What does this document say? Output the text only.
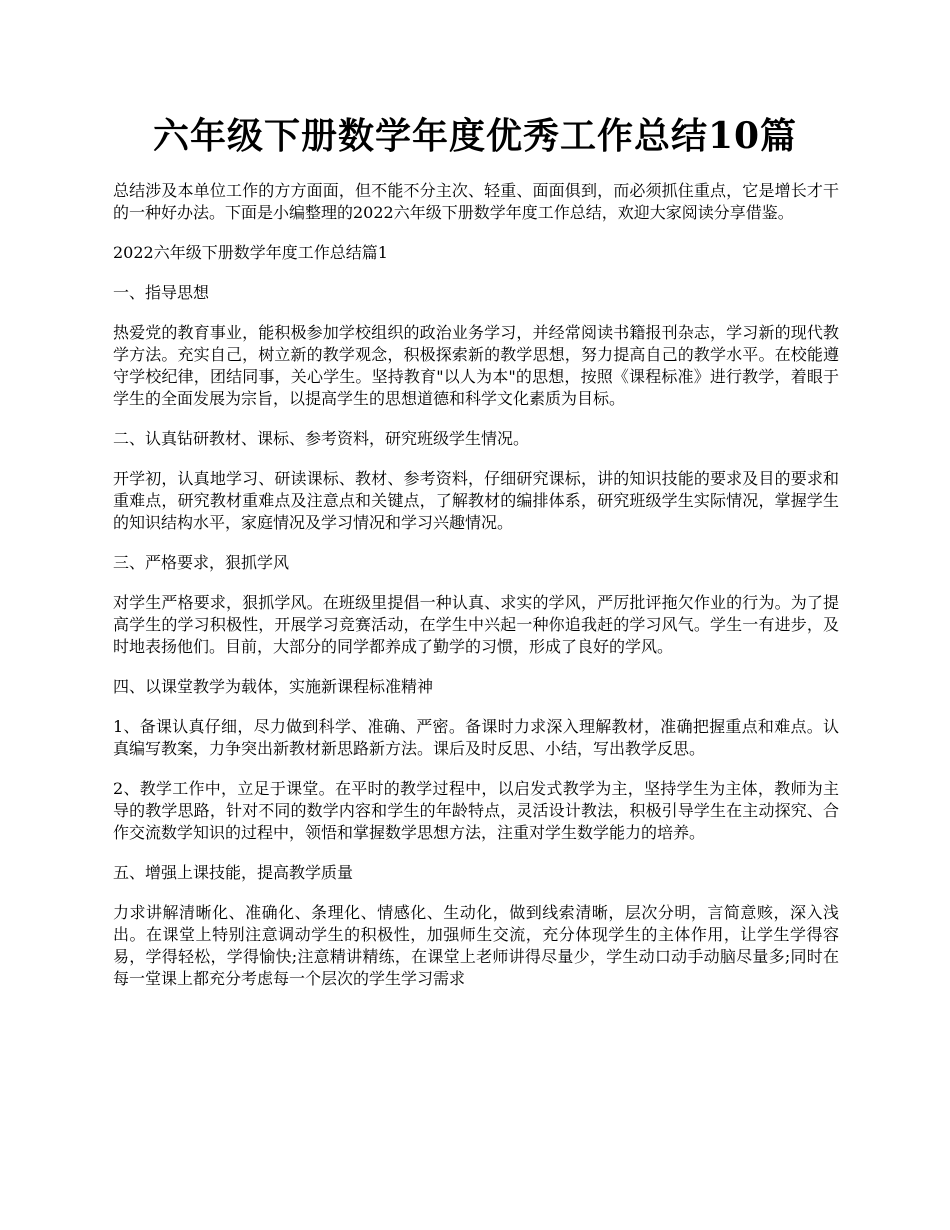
六年级下册数学年度优秀工作总结10篇

总结涉及本单位工作的方方面面，但不能不分主次、轻重、面面俱到，而必须抓住重点，它是增长才干的一种好办法。下面是小编整理的2022六年级下册数学年度工作总结，欢迎大家阅读分享借鉴。

2022六年级下册数学年度工作总结篇1

一、指导思想

热爱党的教育事业，能积极参加学校组织的政治业务学习，并经常阅读书籍报刊杂志，学习新的现代教学方法。充实自己，树立新的教学观念，积极探索新的教学思想，努力提高自己的教学水平。在校能遵守学校纪律，团结同事，关心学生。坚持教育"以人为本"的思想，按照《课程标准》进行教学，着眼于学生的全面发展为宗旨，以提高学生的思想道德和科学文化素质为目标。

二、认真钻研教材、课标、参考资料，研究班级学生情况。

开学初，认真地学习、研读课标、教材、参考资料，仔细研究课标，讲的知识技能的要求及目的要求和重难点，研究教材重难点及注意点和关键点，了解教材的编排体系，研究班级学生实际情况，掌握学生的知识结构水平，家庭情况及学习情况和学习兴趣情况。

三、严格要求，狠抓学风

对学生严格要求，狠抓学风。在班级里提倡一种认真、求实的学风，严厉批评拖欠作业的行为。为了提高学生的学习积极性，开展学习竞赛活动，在学生中兴起一种你追我赶的学习风气。学生一有进步，及时地表扬他们。目前，大部分的同学都养成了勤学的习惯，形成了良好的学风。

四、以课堂教学为载体，实施新课程标准精神

1、备课认真仔细，尽力做到科学、准确、严密。备课时力求深入理解教材，准确把握重点和难点。认真编写教案，力争突出新教材新思路新方法。课后及时反思、小结，写出教学反思。

2、教学工作中，立足于课堂。在平时的教学过程中，以启发式教学为主，坚持学生为主体，教师为主导的教学思路，针对不同的数学内容和学生的年龄特点，灵活设计教法，积极引导学生在主动探究、合作交流数学知识的过程中，领悟和掌握数学思想方法，注重对学生数学能力的培养。

五、增强上课技能，提高教学质量

力求讲解清晰化、准确化、条理化、情感化、生动化，做到线索清晰，层次分明，言简意赅，深入浅出。在课堂上特别注意调动学生的积极性，加强师生交流，充分体现学生的主体作用，让学生学得容易，学得轻松，学得愉快;注意精讲精练，在课堂上老师讲得尽量少，学生动口动手动脑尽量多;同时在每一堂课上都充分考虑每一个层次的学生学习需求
